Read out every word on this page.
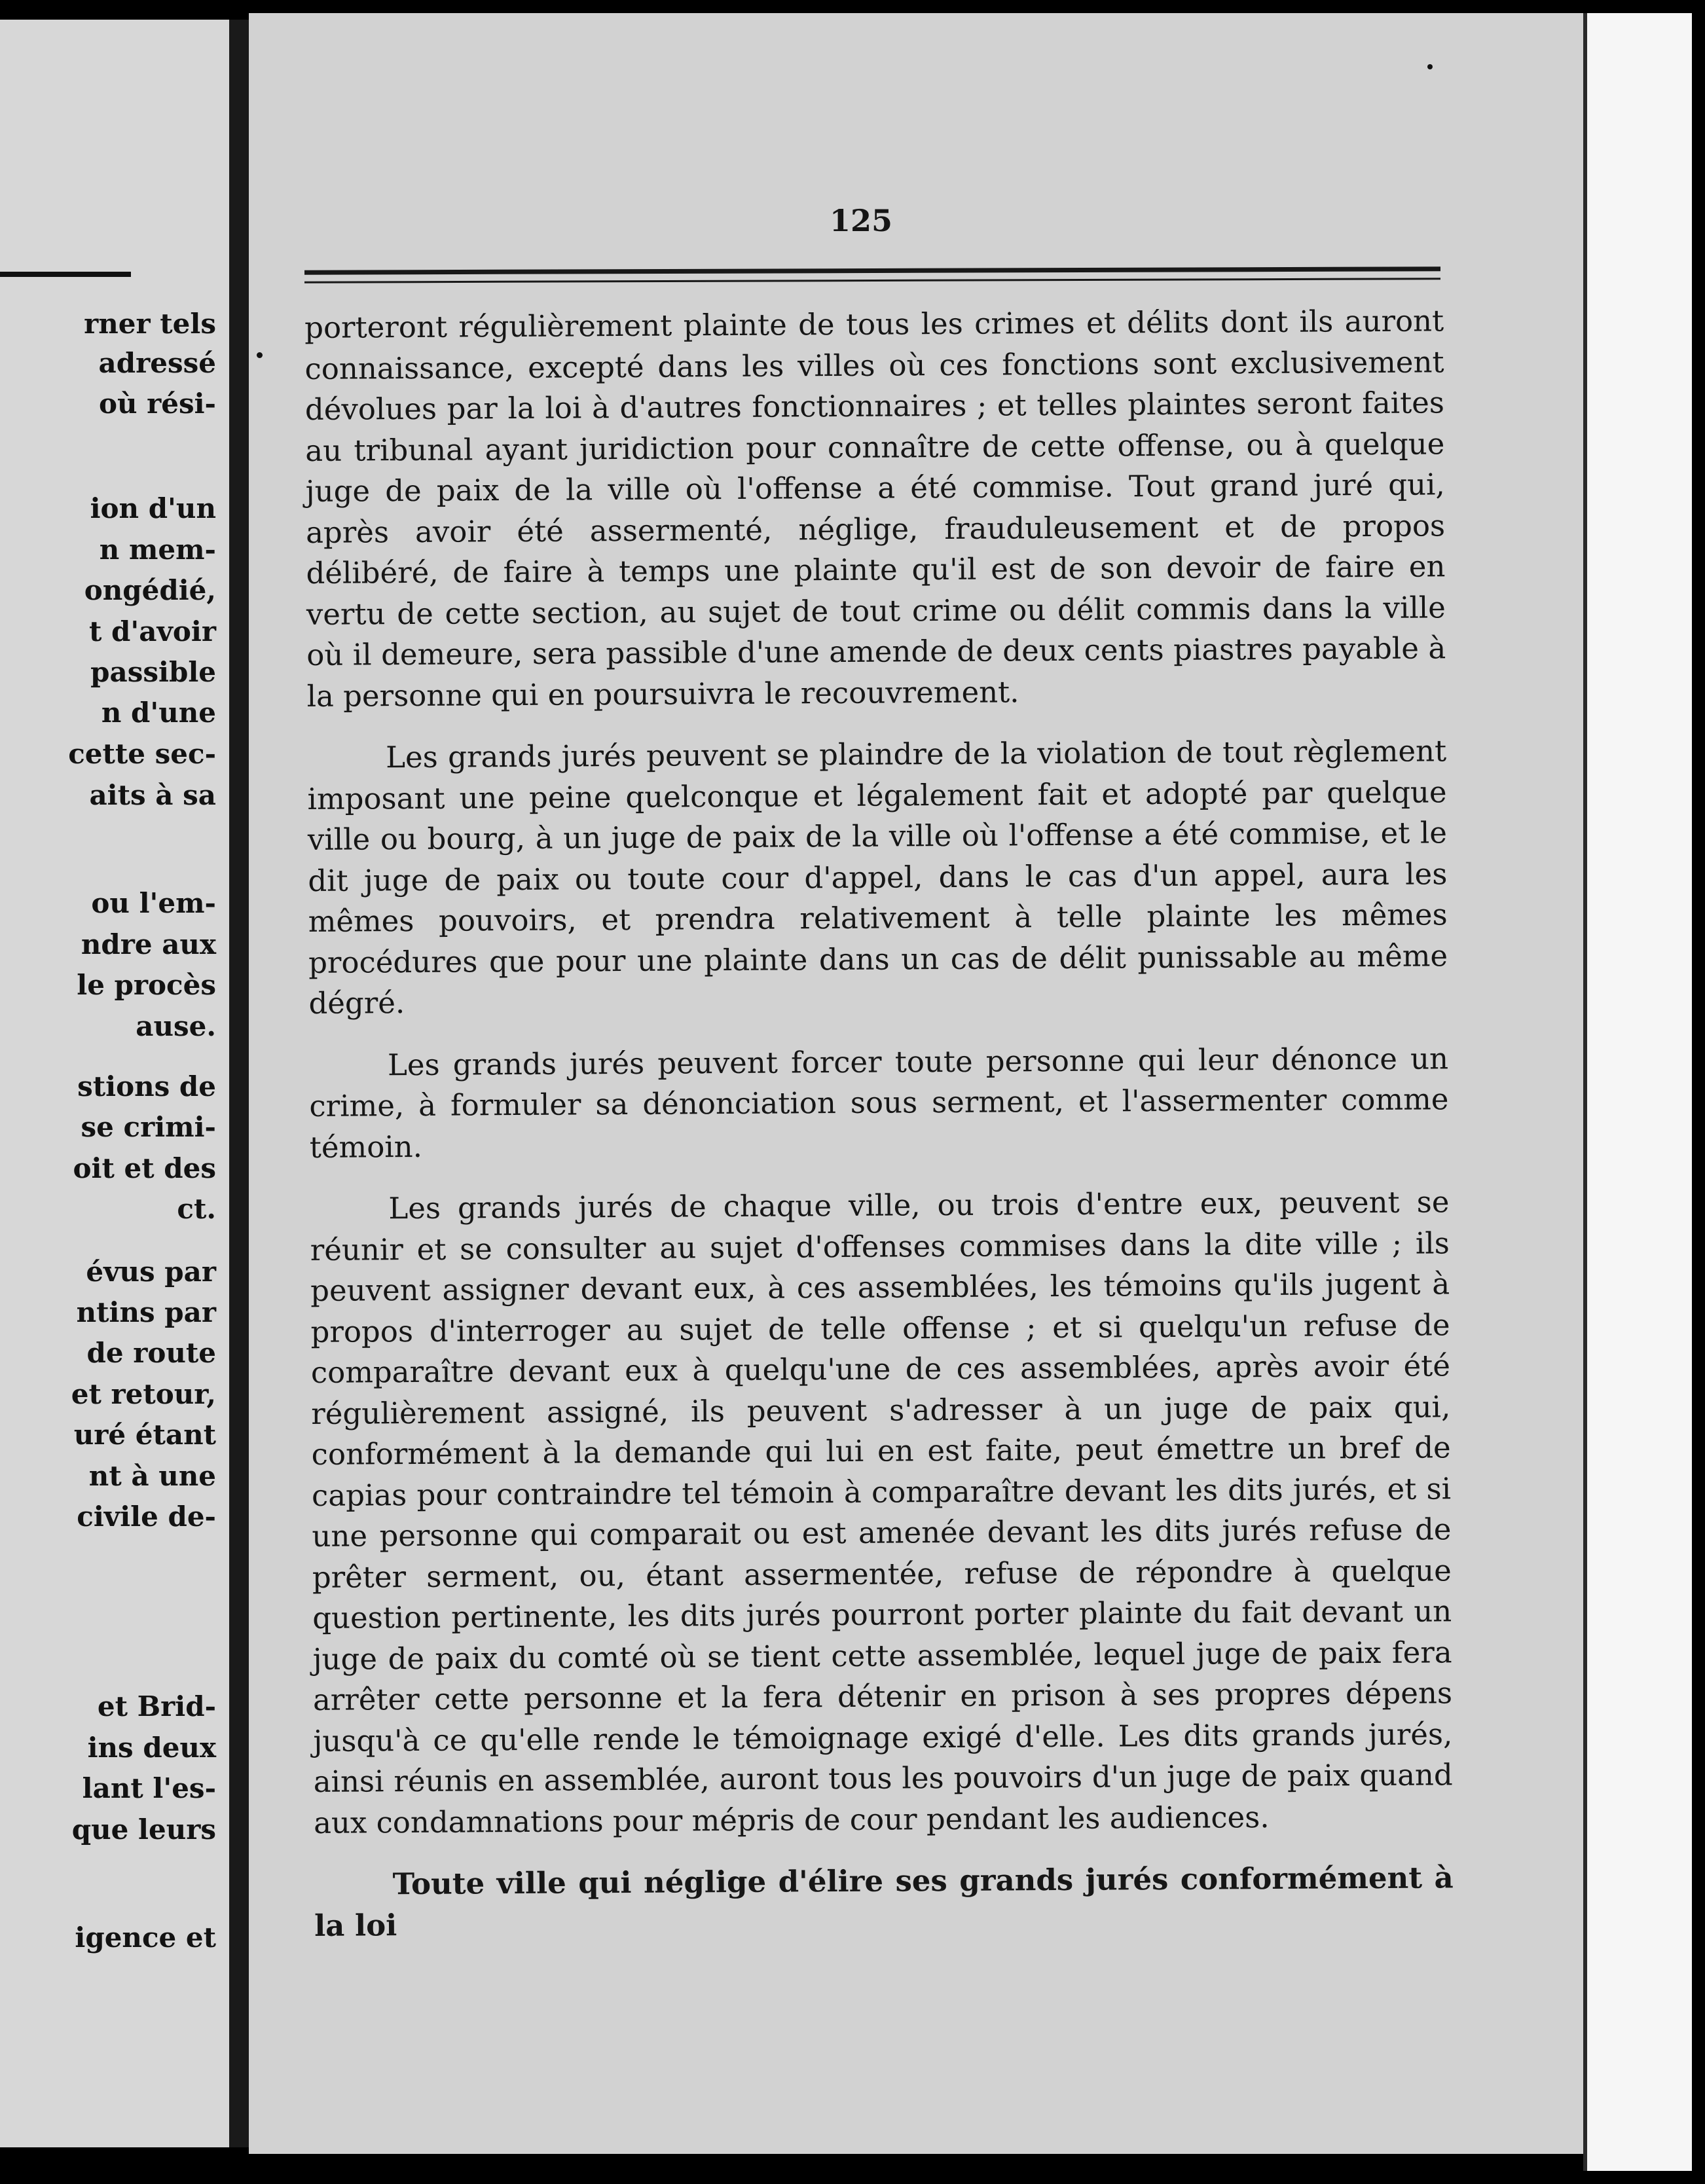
rner tels
adressé
où rési-
ion d'un
n mem-
ongédié,
t d'avoir
passible
n d'une
cette sec-
aits à sa
ou l'em-
ndre aux
le procès
ause.
stions de
se crimi-
oit et des
ct.
évus par
ntins par
de route
et retour,
uré étant
nt à une
civile de-
et Brid-
ins deux
lant l'es-
que leurs
igence et
125

porteront régulièrement plainte de tous les crimes et délits dont ils auront connaissance, excepté dans les villes où ces fonctions sont exclusivement dévolues par la loi à d'autres fonctionnaires ; et telles plaintes seront faites au tribunal ayant juridiction pour connaître de cette offense, ou à quelque juge de paix de la ville où l'offense a été commise. Tout grand juré qui, après avoir été assermenté, néglige, frauduleusement et de propos délibéré, de faire à temps une plainte qu'il est de son devoir de faire en vertu de cette section, au sujet de tout crime ou délit commis dans la ville où il demeure, sera passible d'une amende de deux cents piastres payable à la personne qui en poursuivra le recouvrement.

Les grands jurés peuvent se plaindre de la violation de tout règlement imposant une peine quelconque et légalement fait et adopté par quelque ville ou bourg, à un juge de paix de la ville où l'offense a été commise, et le dit juge de paix ou toute cour d'appel, dans le cas d'un appel, aura les mêmes pouvoirs, et prendra relativement à telle plainte les mêmes procédures que pour une plainte dans un cas de délit punissable au même dégré.

Les grands jurés peuvent forcer toute personne qui leur dénonce un crime, à formuler sa dénonciation sous serment, et l'assermenter comme témoin.

Les grands jurés de chaque ville, ou trois d'entre eux, peuvent se réunir et se consulter au sujet d'offenses commises dans la dite ville ; ils peuvent assigner devant eux, à ces assemblées, les témoins qu'ils jugent à propos d'interroger au sujet de telle offense ; et si quelqu'un refuse de comparaître devant eux à quelqu'une de ces assemblées, après avoir été régulièrement assigné, ils peuvent s'adresser à un juge de paix qui, conformément à la demande qui lui en est faite, peut émettre un bref de capias pour contraindre tel témoin à comparaître devant les dits jurés, et si une personne qui comparait ou est amenée devant les dits jurés refuse de prêter serment, ou, étant assermentée, refuse de répondre à quelque question pertinente, les dits jurés pourront porter plainte du fait devant un juge de paix du comté où se tient cette assemblée, lequel juge de paix fera arrêter cette personne et la fera détenir en prison à ses propres dépens jusqu'à ce qu'elle rende le témoignage exigé d'elle. Les dits grands jurés, ainsi réunis en assemblée, auront tous les pouvoirs d'un juge de paix quand aux condamnations pour mépris de cour pendant les audiences.

Toute ville qui néglige d'élire ses grands jurés conformément à la loi
